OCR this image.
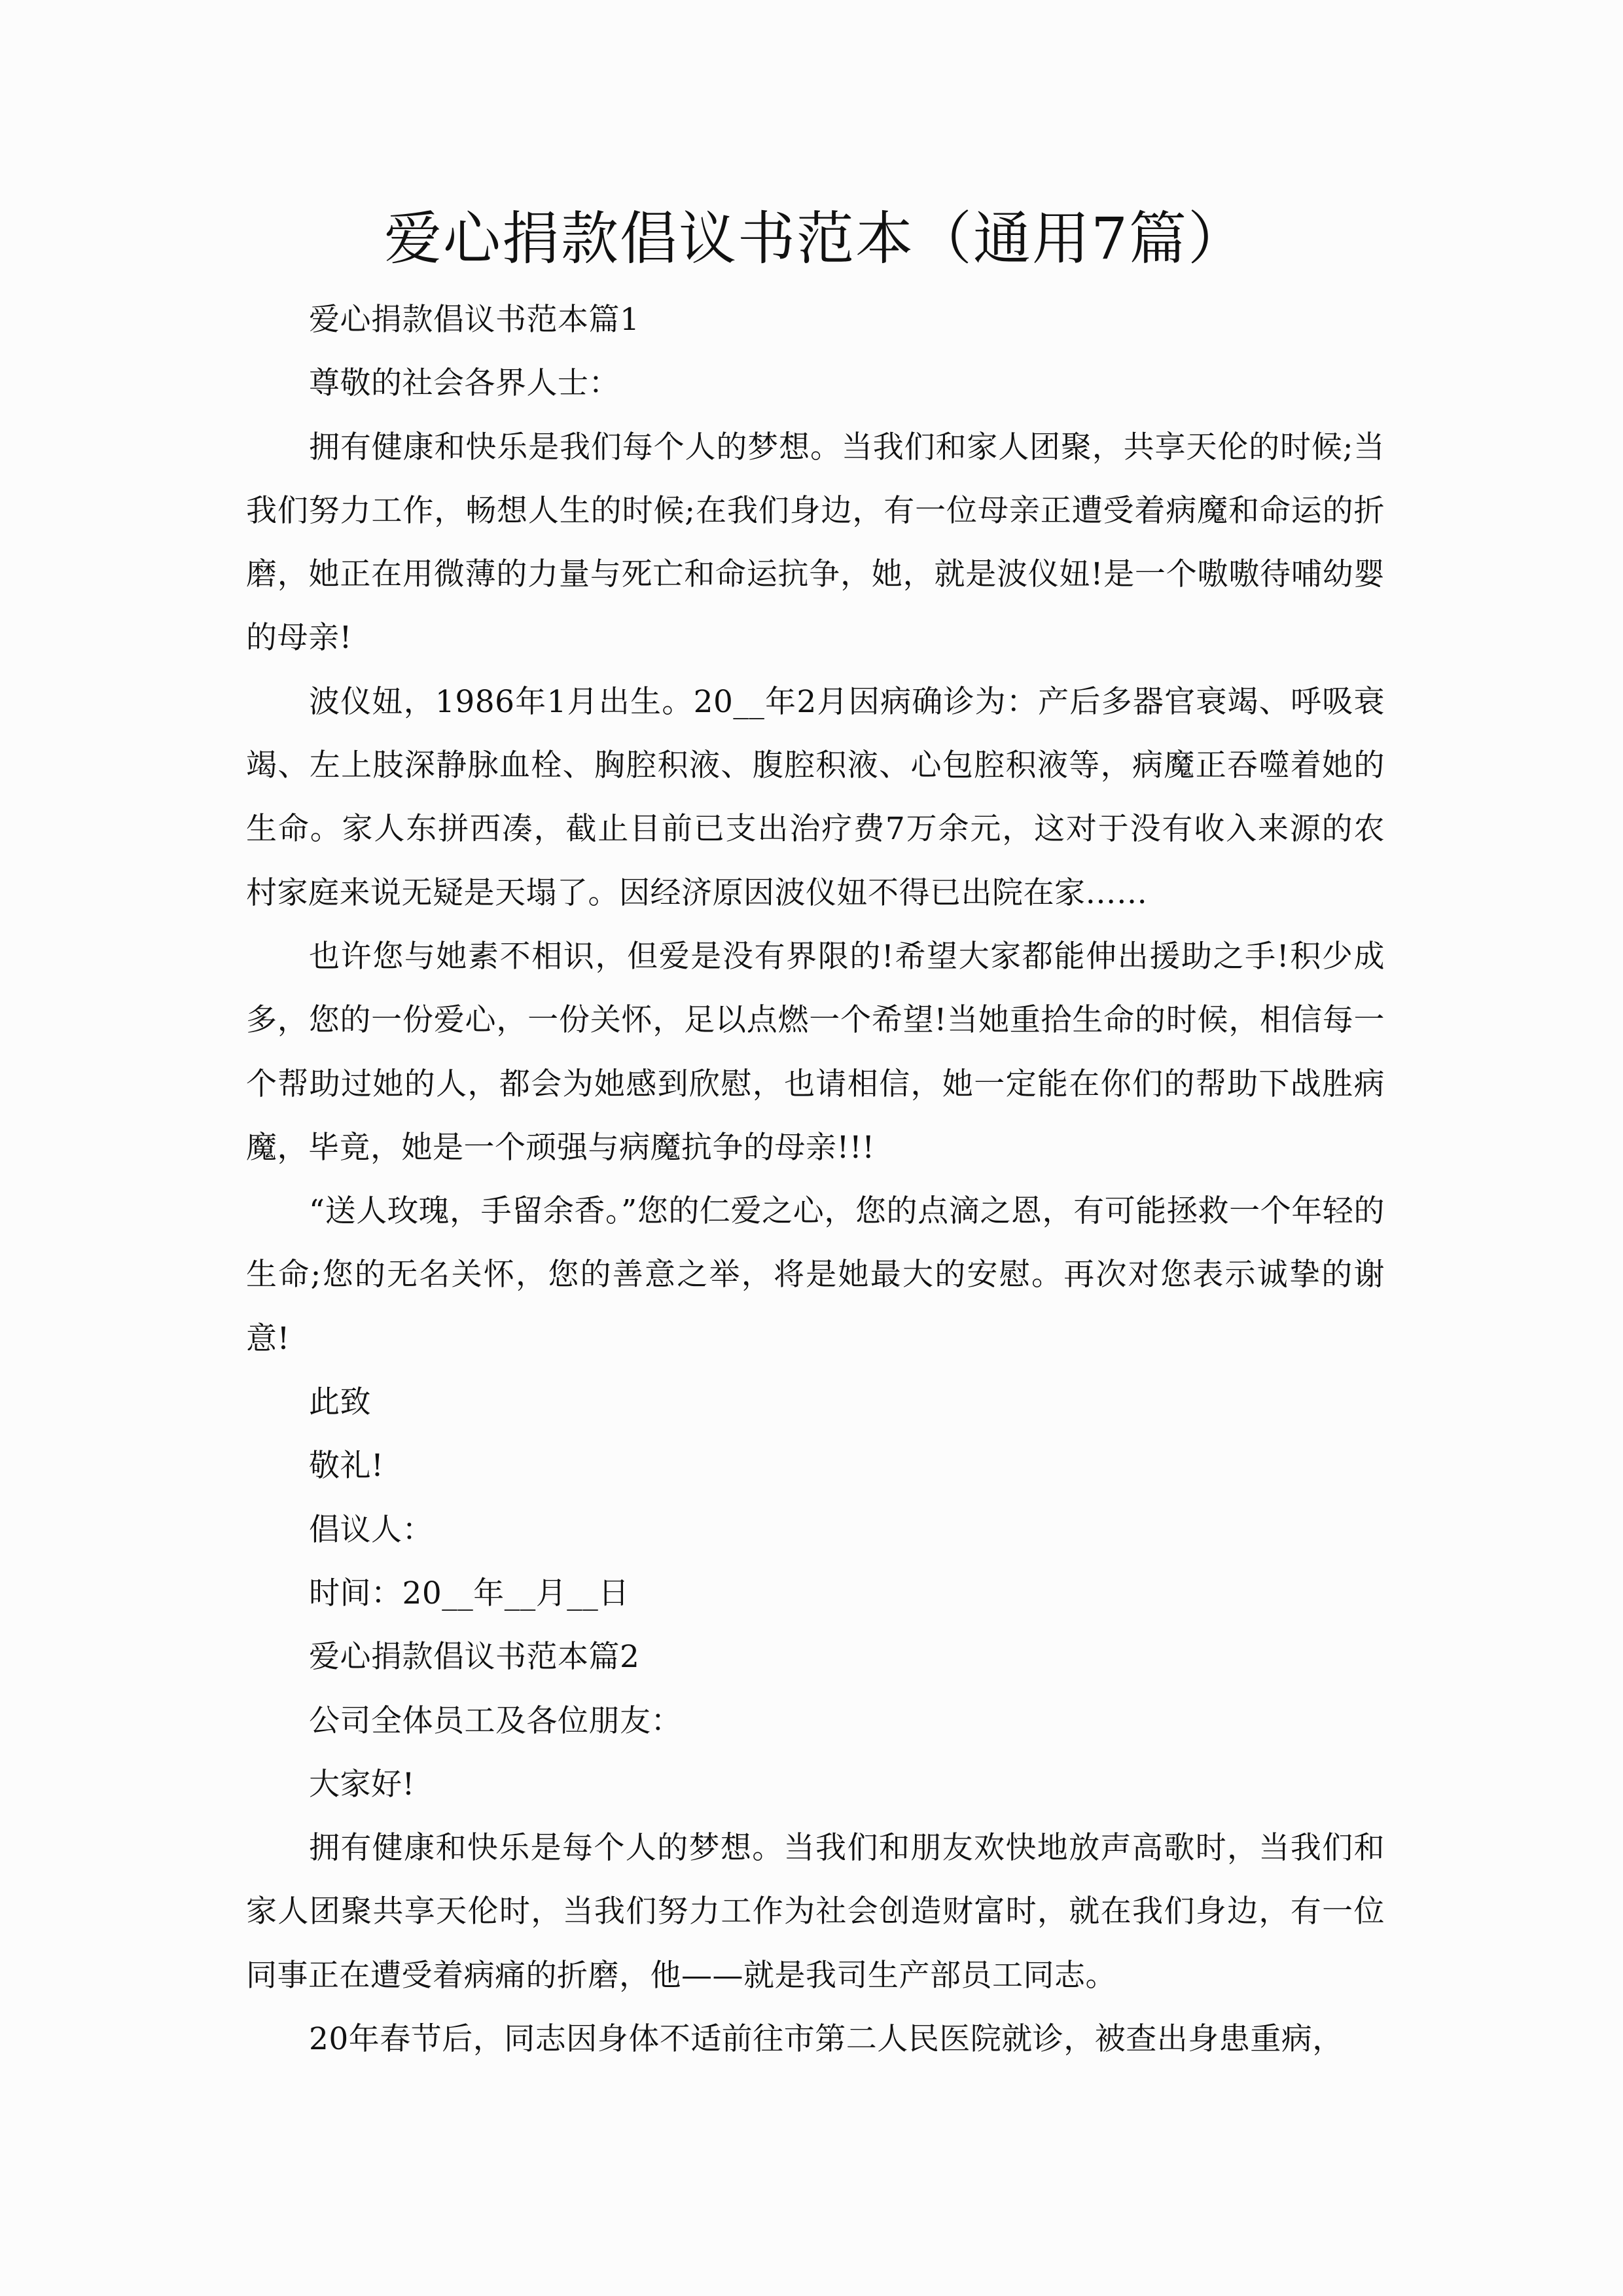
爱心捐款倡议书范本（通用7篇）

爱心捐款倡议书范本篇1

尊敬的社会各界人士：

拥有健康和快乐是我们每个人的梦想。当我们和家人团聚，共享天伦的时候;当我们努力工作，畅想人生的时候;在我们身边，有一位母亲正遭受着病魔和命运的折磨，她正在用微薄的力量与死亡和命运抗争，她，就是波仪妞!是一个嗷嗷待哺幼婴的母亲!

波仪妞，1986年1月出生。20__年2月因病确诊为：产后多器官衰竭、呼吸衰竭、左上肢深静脉血栓、胸腔积液、腹腔积液、心包腔积液等，病魔正吞噬着她的生命。家人东拼西凑，截止目前已支出治疗费7万余元，这对于没有收入来源的农村家庭来说无疑是天塌了。因经济原因波仪妞不得已出院在家……

也许您与她素不相识，但爱是没有界限的!希望大家都能伸出援助之手!积少成多，您的一份爱心，一份关怀，足以点燃一个希望!当她重拾生命的时候，相信每一个帮助过她的人，都会为她感到欣慰，也请相信，她一定能在你们的帮助下战胜病魔，毕竟，她是一个顽强与病魔抗争的母亲!!!

“送人玫瑰，手留余香。”您的仁爱之心，您的点滴之恩，有可能拯救一个年轻的生命;您的无名关怀，您的善意之举，将是她最大的安慰。再次对您表示诚挚的谢意!

此致

敬礼!

倡议人：

时间：20__年__月__日

爱心捐款倡议书范本篇2

公司全体员工及各位朋友：

大家好!

拥有健康和快乐是每个人的梦想。当我们和朋友欢快地放声高歌时，当我们和家人团聚共享天伦时，当我们努力工作为社会创造财富时，就在我们身边，有一位同事正在遭受着病痛的折磨，他——就是我司生产部员工同志。

20年春节后，同志因身体不适前往市第二人民医院就诊，被查出身患重病，
